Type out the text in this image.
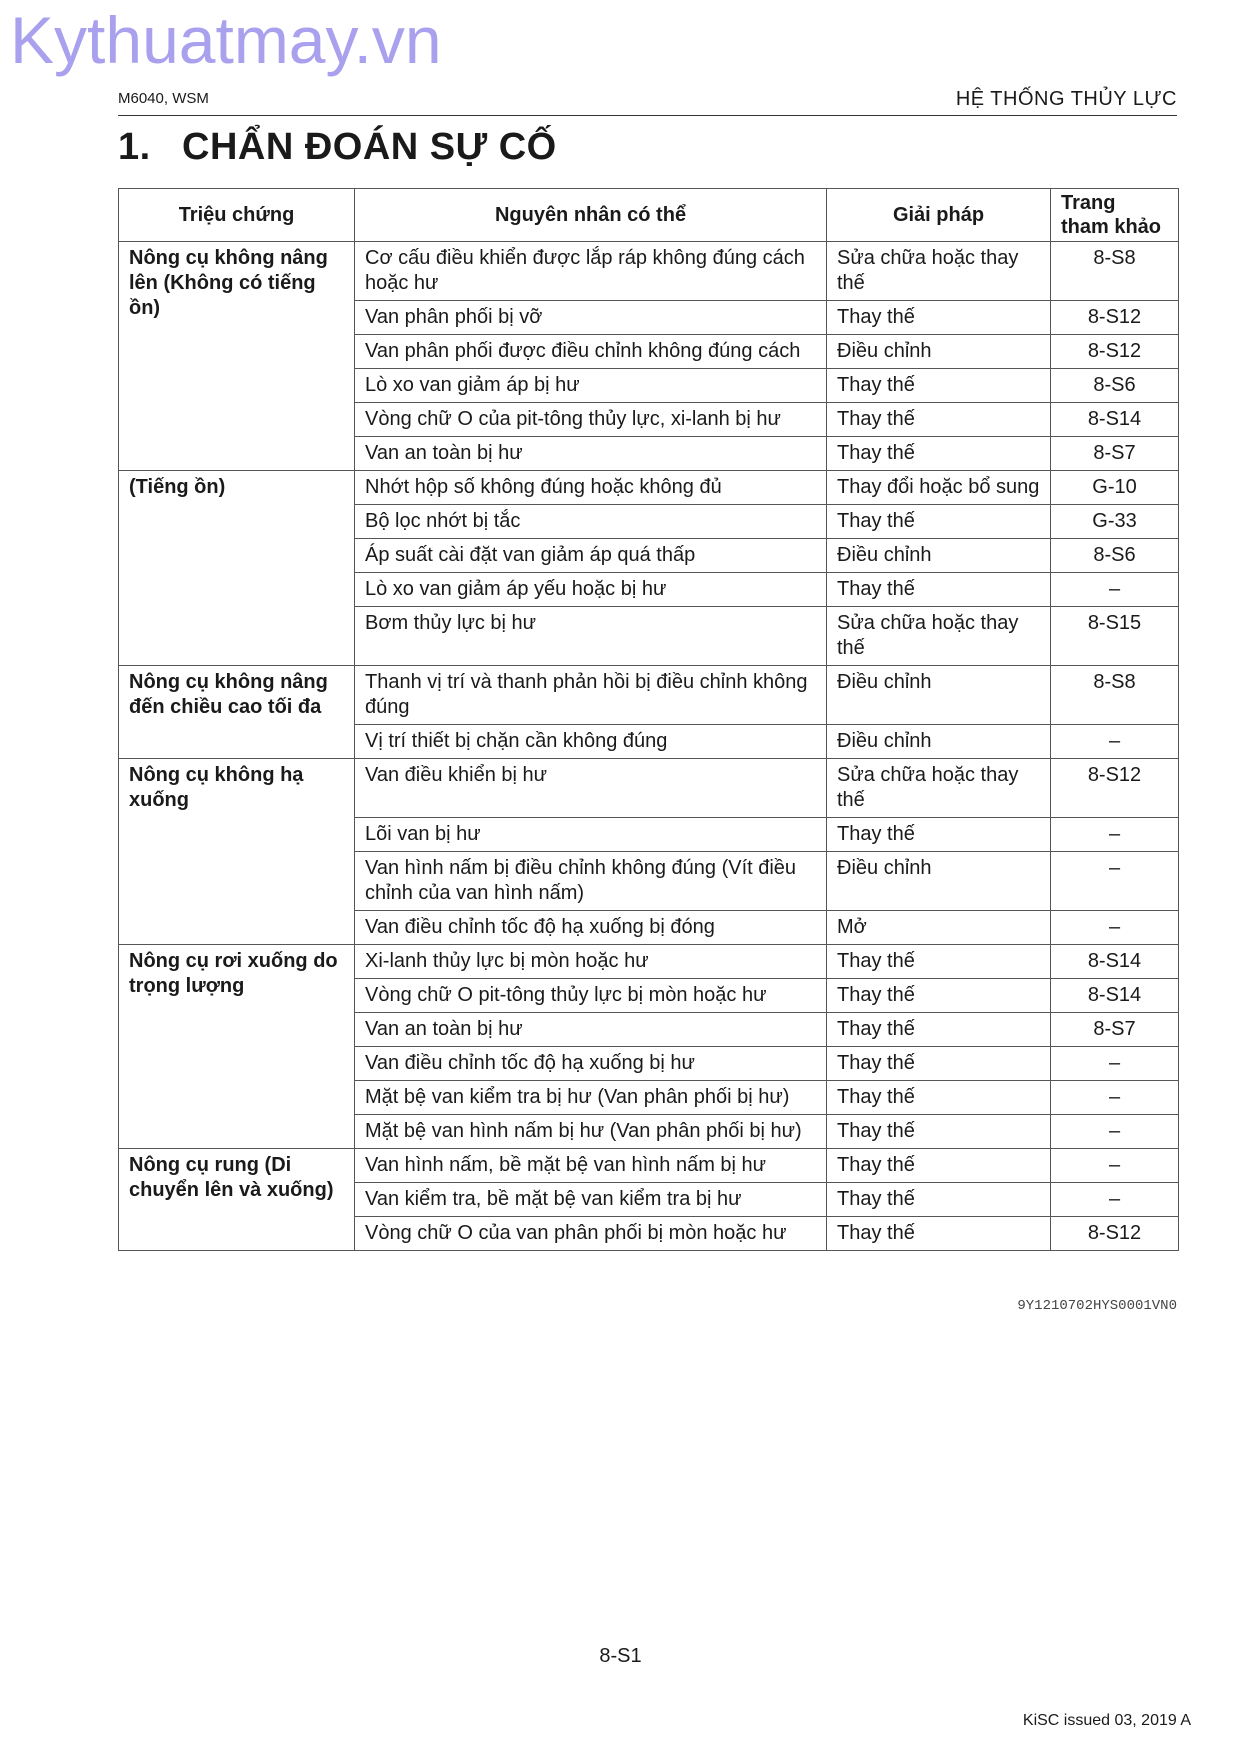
Kythuatmay.vn
M6040, WSM	HỆ THỐNG THỦY LỰC
1. CHẨN ĐOÁN SỰ CỐ
Triệu chứng	Nguyên nhân có thể	Giải pháp	Trang tham khảo
Nông cụ không nâng lên (Không có tiếng ồn)	Cơ cấu điều khiển được lắp ráp không đúng cách hoặc hư	Sửa chữa hoặc thay thế	8-S8
	Van phân phối bị vỡ	Thay thế	8-S12
	Van phân phối được điều chỉnh không đúng cách	Điều chỉnh	8-S12
	Lò xo van giảm áp bị hư	Thay thế	8-S6
	Vòng chữ O của pit-tông thủy lực, xi-lanh bị hư	Thay thế	8-S14
	Van an toàn bị hư	Thay thế	8-S7
(Tiếng ồn)	Nhớt hộp số không đúng hoặc không đủ	Thay đổi hoặc bổ sung	G-10
	Bộ lọc nhớt bị tắc	Thay thế	G-33
	Áp suất cài đặt van giảm áp quá thấp	Điều chỉnh	8-S6
	Lò xo van giảm áp yếu hoặc bị hư	Thay thế	–
	Bơm thủy lực bị hư	Sửa chữa hoặc thay thế	8-S15
Nông cụ không nâng đến chiều cao tối đa	Thanh vị trí và thanh phản hồi bị điều chỉnh không đúng	Điều chỉnh	8-S8
	Vị trí thiết bị chặn cần không đúng	Điều chỉnh	–
Nông cụ không hạ xuống	Van điều khiển bị hư	Sửa chữa hoặc thay thế	8-S12
	Lõi van bị hư	Thay thế	–
	Van hình nấm bị điều chỉnh không đúng (Vít điều chỉnh của van hình nấm)	Điều chỉnh	–
	Van điều chỉnh tốc độ hạ xuống bị đóng	Mở	–
Nông cụ rơi xuống do trọng lượng	Xi-lanh thủy lực bị mòn hoặc hư	Thay thế	8-S14
	Vòng chữ O pit-tông thủy lực bị mòn hoặc hư	Thay thế	8-S14
	Van an toàn bị hư	Thay thế	8-S7
	Van điều chỉnh tốc độ hạ xuống bị hư	Thay thế	–
	Mặt bệ van kiểm tra bị hư (Van phân phối bị hư)	Thay thế	–
	Mặt bệ van hình nấm bị hư (Van phân phối bị hư)	Thay thế	–
Nông cụ rung (Di chuyển lên và xuống)	Van hình nấm, bề mặt bệ van hình nấm bị hư	Thay thế	–
	Van kiểm tra, bề mặt bệ van kiểm tra bị hư	Thay thế	–
	Vòng chữ O của van phân phối bị mòn hoặc hư	Thay thế	8-S12
9Y1210702HYS0001VN0
8-S1
KiSC issued 03, 2019 A
